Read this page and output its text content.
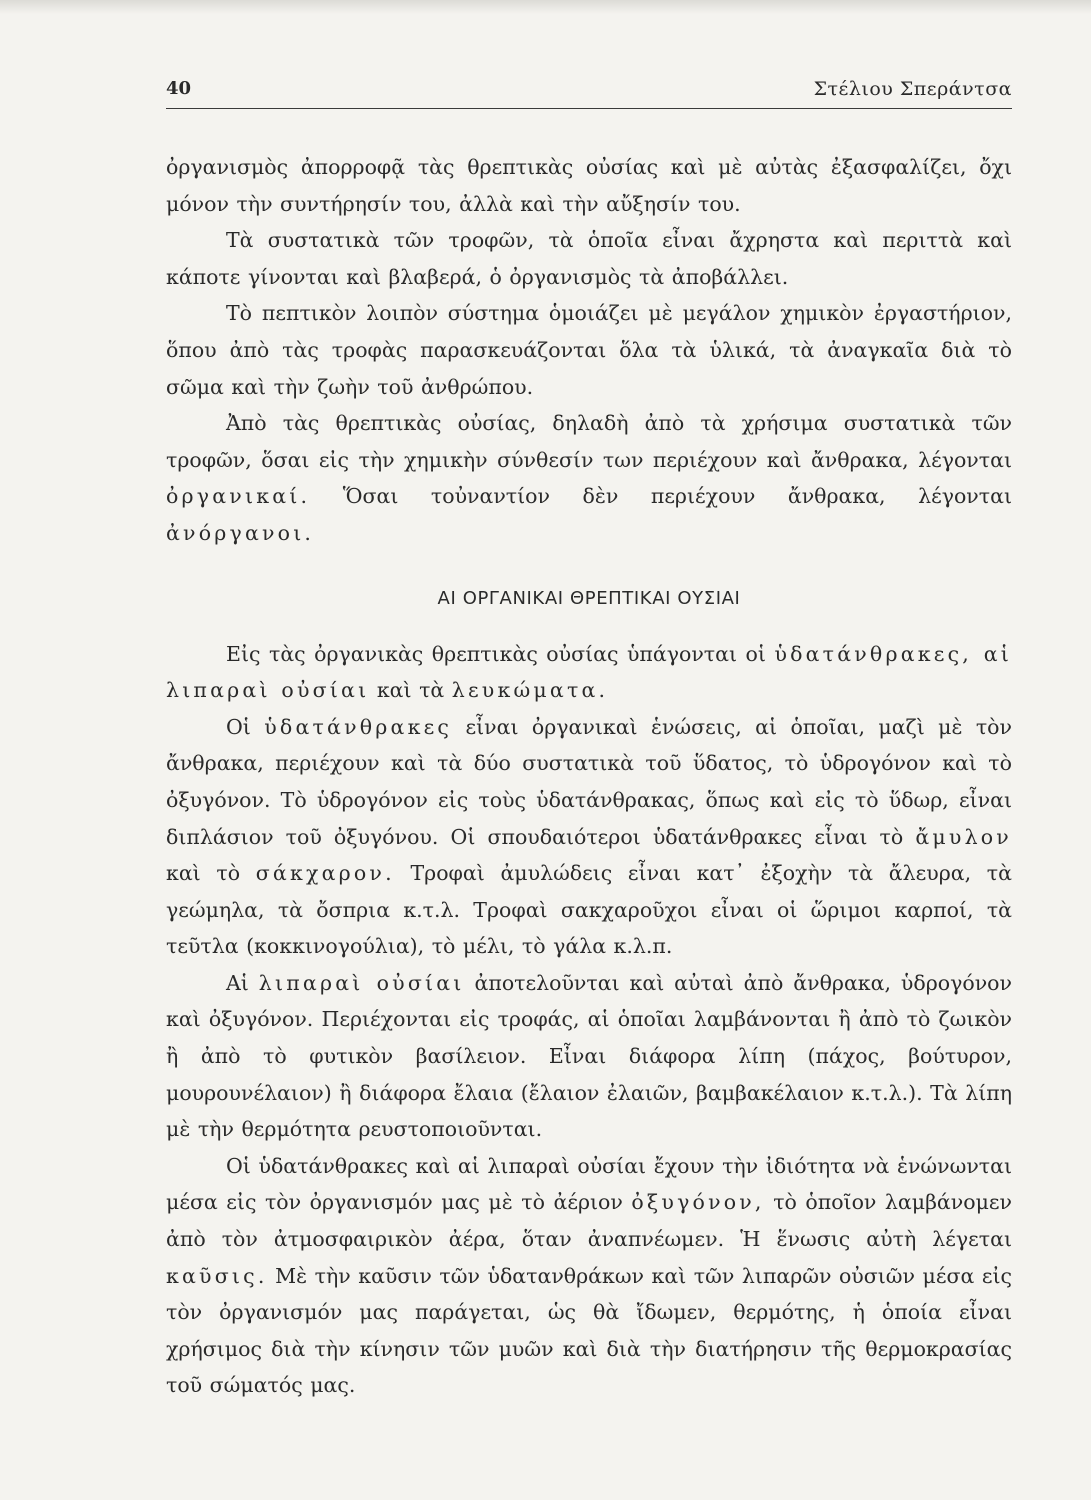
40	Στέλιου Σπεράντσα

ὀργανισμὸς ἀπορροφᾷ τὰς θρεπτικὰς οὐσίας καὶ μὲ αὐτὰς ἐξασφαλίζει, ὄχι μόνον τὴν συντήρησίν του, ἀλλὰ καὶ τὴν αὔξησίν του.

Τὰ συστατικὰ τῶν τροφῶν, τὰ ὁποῖα εἶναι ἄχρηστα καὶ περιττὰ καὶ κάποτε γίνονται καὶ βλαβερά, ὁ ὀργανισμὸς τὰ ἀποβάλλει.

Τὸ πεπτικὸν λοιπὸν σύστημα ὁμοιάζει μὲ μεγάλον χημικὸν ἐργαστήριον, ὅπου ἀπὸ τὰς τροφὰς παρασκευάζονται ὅλα τὰ ὑλικά, τὰ ἀναγκαῖα διὰ τὸ σῶμα καὶ τὴν ζωὴν τοῦ ἀνθρώπου.

Ἀπὸ τὰς θρεπτικὰς οὐσίας, δηλαδὴ ἀπὸ τὰ χρήσιμα συστατικὰ τῶν τροφῶν, ὅσαι εἰς τὴν χημικὴν σύνθεσίν των περιέχουν καὶ ἄνθρακα, λέγονται ὀργανικαί. Ὅσαι τοὐναντίον δὲν περιέχουν ἄνθρακα, λέγονται ἀνόργανοι.

ΑΙ ΟΡΓΑΝΙΚΑΙ ΘΡΕΠΤΙΚΑΙ ΟΥΣΙΑΙ

Εἰς τὰς ὀργανικὰς θρεπτικὰς οὐσίας ὑπάγονται οἱ ὑδατάνθρακες, αἱ λιπαραὶ οὐσίαι καὶ τὰ λευκώματα.

Οἱ ὑδατάνθρακες εἶναι ὀργανικαὶ ἑνώσεις, αἱ ὁποῖαι, μαζὶ μὲ τὸν ἄνθρακα, περιέχουν καὶ τὰ δύο συστατικὰ τοῦ ὕδατος, τὸ ὑδρογόνον καὶ τὸ ὀξυγόνον. Τὸ ὑδρογόνον εἰς τοὺς ὑδατάνθρακας, ὅπως καὶ εἰς τὸ ὕδωρ, εἶναι διπλάσιον τοῦ ὀξυγόνου. Οἱ σπουδαιότεροι ὑδατάνθρακες εἶναι τὸ ἄμυλον καὶ τὸ σάκχαρον. Τροφαὶ ἀμυλώδεις εἶναι κατ᾽ ἐξοχὴν τὰ ἄλευρα, τὰ γεώμηλα, τὰ ὄσπρια κ.τ.λ. Τροφαὶ σακχαροῦχοι εἶναι οἱ ὥριμοι καρποί, τὰ τεῦτλα (κοκκινογούλια), τὸ μέλι, τὸ γάλα κ.λ.π.

Αἱ λιπαραὶ οὐσίαι ἀποτελοῦνται καὶ αὐταὶ ἀπὸ ἄνθρακα, ὑδρογόνον καὶ ὀξυγόνον. Περιέχονται εἰς τροφάς, αἱ ὁποῖαι λαμβάνονται ἢ ἀπὸ τὸ ζωικὸν ἢ ἀπὸ τὸ φυτικὸν βασίλειον. Εἶναι διάφορα λίπη (πάχος, βούτυρον, μουρουνέλαιον) ἢ διάφορα ἔλαια (ἔλαιον ἐλαιῶν, βαμβακέλαιον κ.τ.λ.). Τὰ λίπη μὲ τὴν θερμότητα ρευστοποιοῦνται.

Οἱ ὑδατάνθρακες καὶ αἱ λιπαραὶ οὐσίαι ἔχουν τὴν ἰδιότητα νὰ ἑνώνωνται μέσα εἰς τὸν ὀργανισμόν μας μὲ τὸ ἀέριον ὀξυγόνον, τὸ ὁποῖον λαμβάνομεν ἀπὸ τὸν ἀτμοσφαιρικὸν ἀέρα, ὅταν ἀναπνέωμεν. Ἡ ἕνωσις αὐτὴ λέγεται καῦσις. Μὲ τὴν καῦσιν τῶν ὑδατανθράκων καὶ τῶν λιπαρῶν οὐσιῶν μέσα εἰς τὸν ὀργανισμόν μας παράγεται, ὡς θὰ ἴδωμεν, θερμότης, ἡ ὁποία εἶναι χρήσιμος διὰ τὴν κίνησιν τῶν μυῶν καὶ διὰ τὴν διατήρησιν τῆς θερμοκρασίας τοῦ σώματός μας.
